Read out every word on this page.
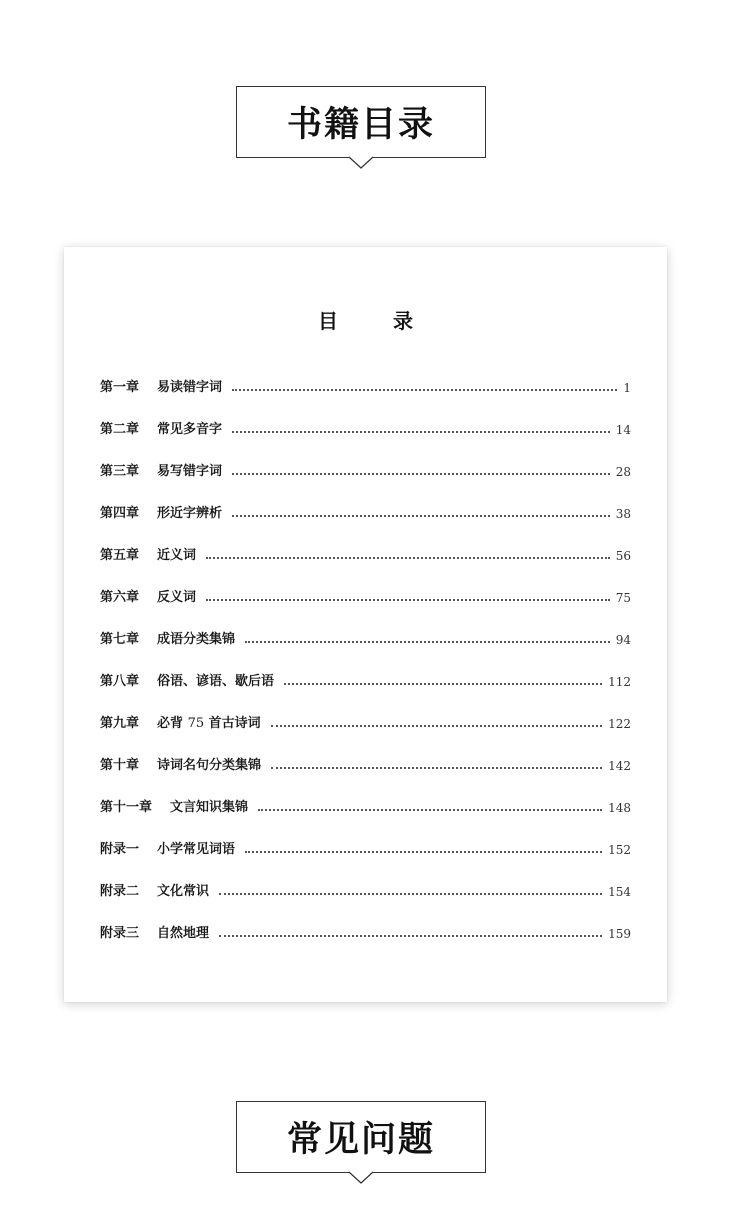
书籍目录
目 录
第一章 易读错字词	1
第二章 常见多音字	14
第三章 易写错字词	28
第四章 形近字辨析	38
第五章 近义词	56
第六章 反义词	75
第七章 成语分类集锦	94
第八章 俗语、谚语、歇后语	112
第九章 必背 75 首古诗词	122
第十章 诗词名句分类集锦	142
第十一章 文言知识集锦	148
附录一 小学常见词语	152
附录二 文化常识	154
附录三 自然地理	159
常见问题
